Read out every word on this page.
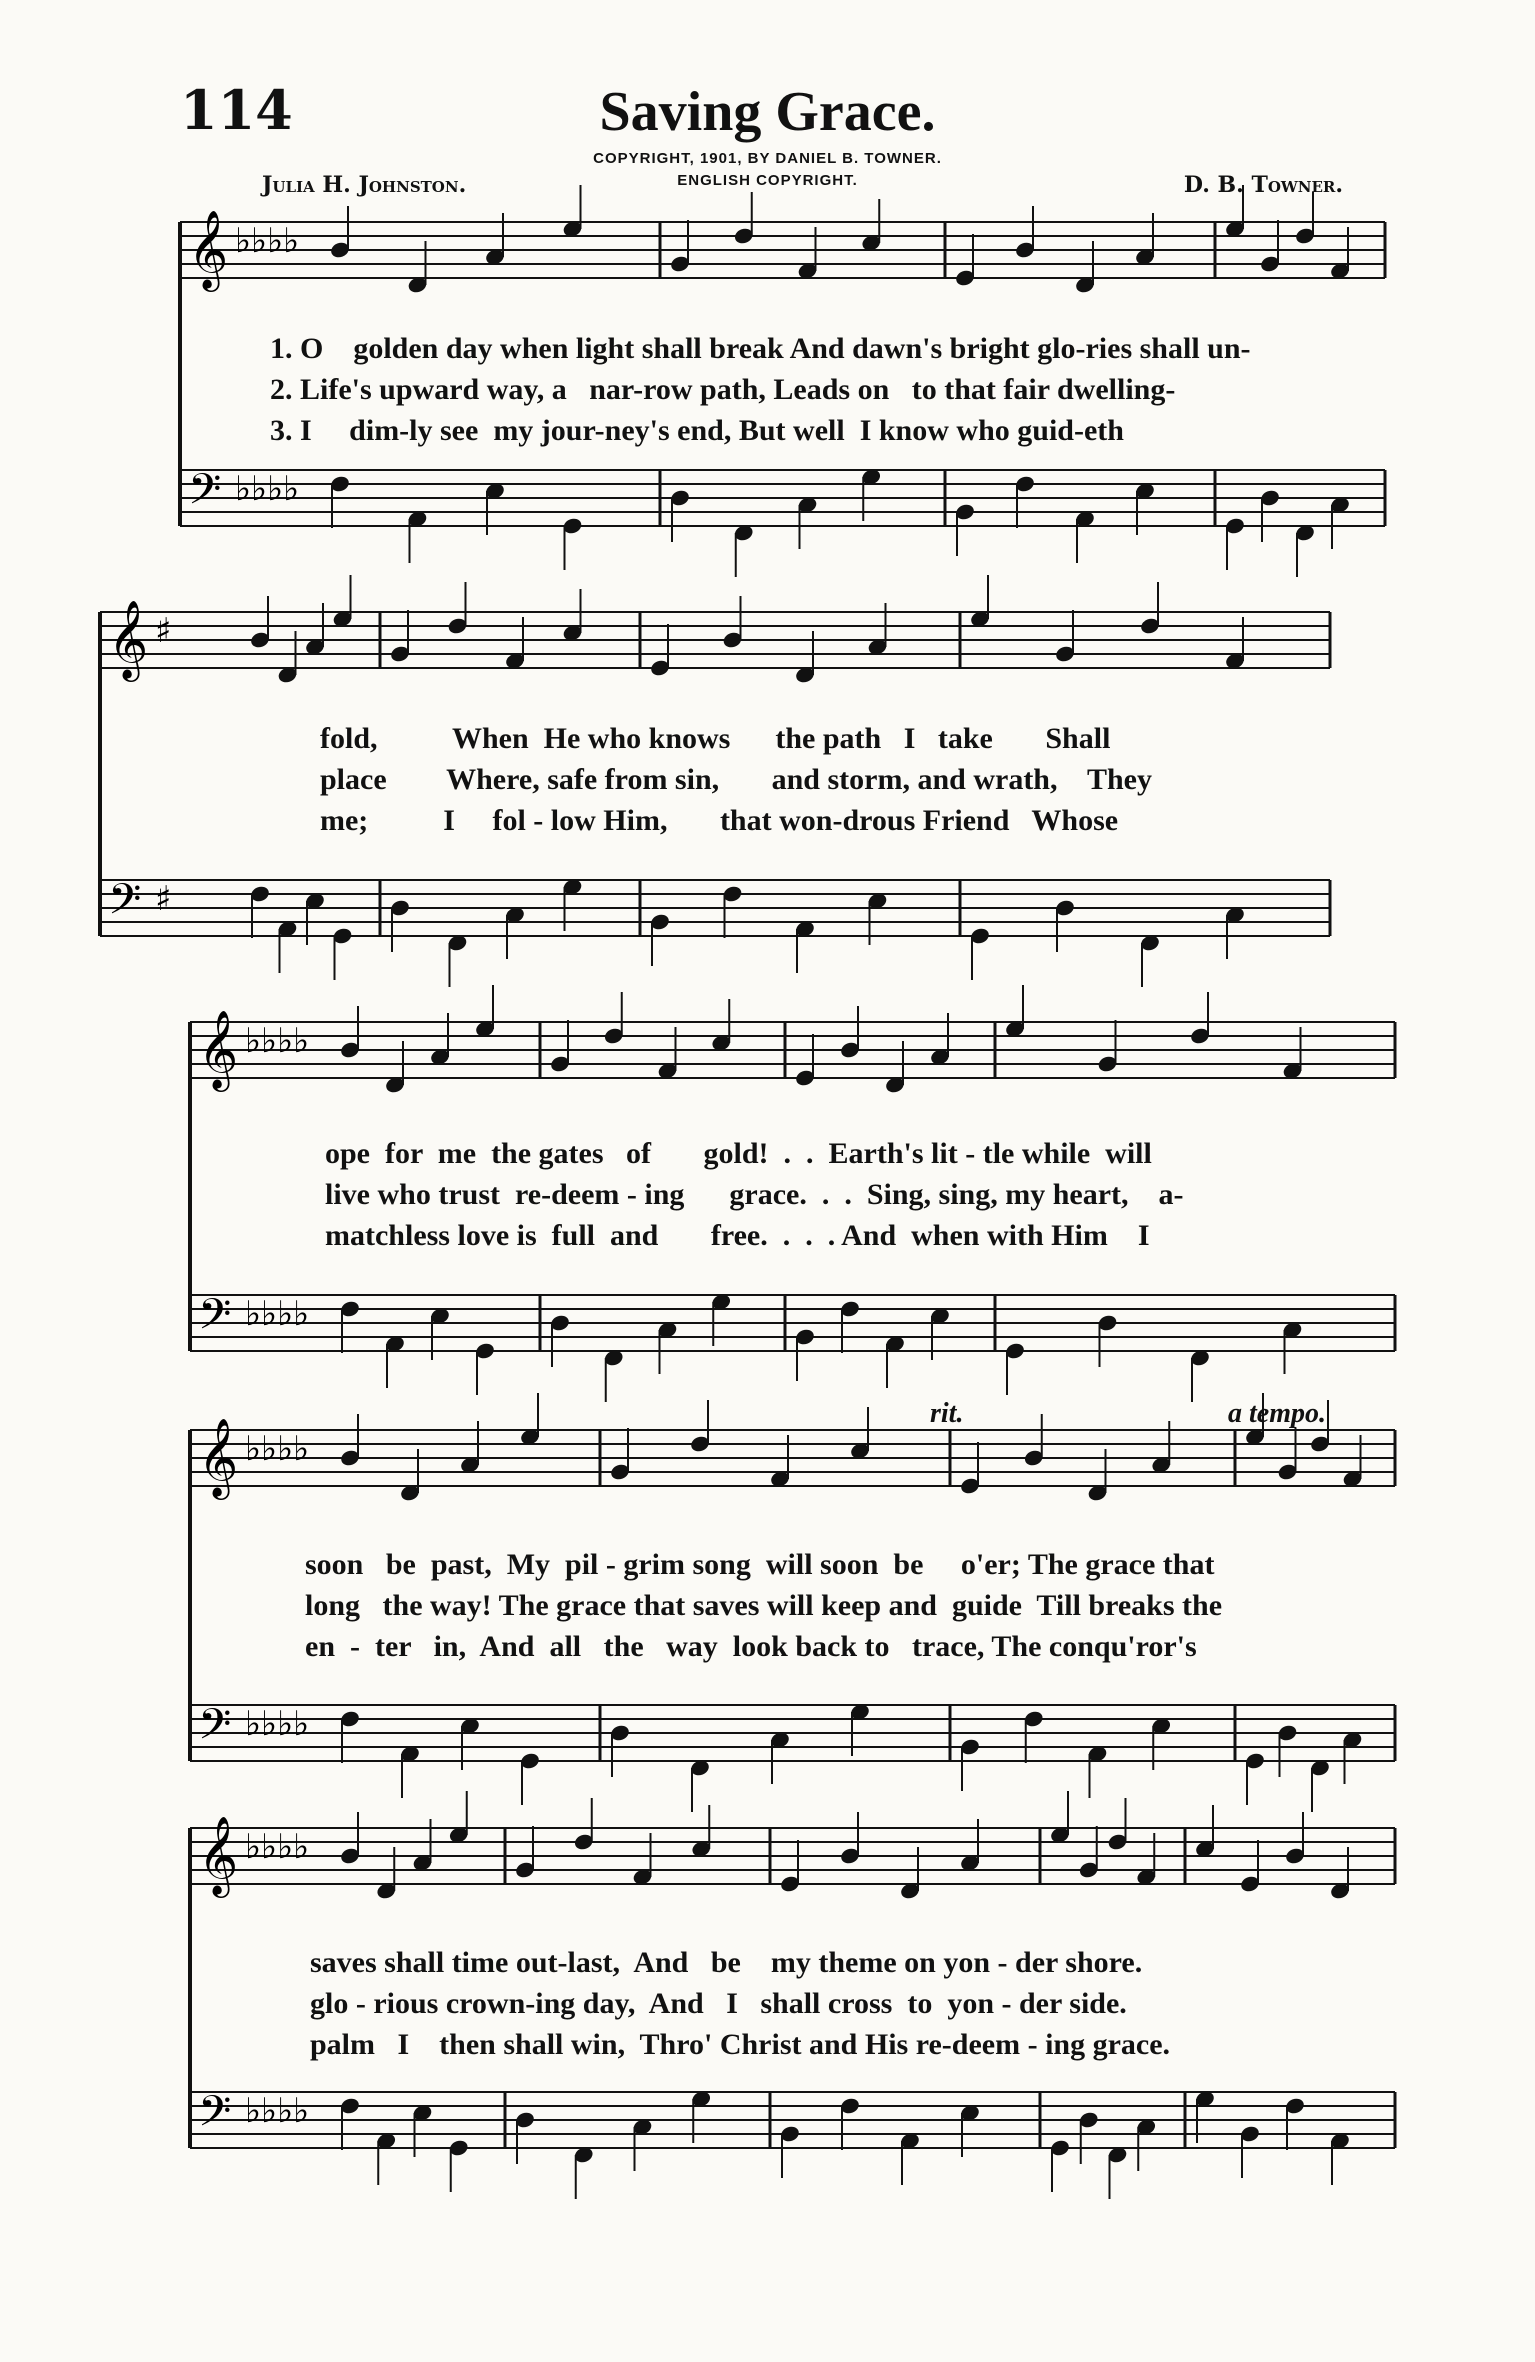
114	Saving Grace.
COPYRIGHT, 1901, BY DANIEL B. TOWNER.
ENGLISH COPYRIGHT.
Julia H. Johnston.	D. B. Towner.
𝄞 ♭♭♭♭
𝄢 ♭♭♭♭
𝄞 ♯
𝄢 ♯
𝄞 ♭♭♭♭
𝄢 ♭♭♭♭
𝄞 ♭♭♭♭
𝄢 ♭♭♭♭
𝄞 ♭♭♭♭
𝄢 ♭♭♭♭
1. O    golden day when light shall break And dawn's bright glo-ries shall un-
2. Life's upward way, a   nar-row path, Leads on   to that fair dwelling-
3. I     dim-ly see  my jour-ney's end, But well  I know who guid-eth
fold,          When  He who knows      the path   I   take       Shall
place        Where, safe from sin,       and storm, and wrath,    They
me;          I     fol - low Him,       that won-drous Friend   Whose
ope  for  me  the gates   of       gold!  .  .  Earth's lit - tle while  will
live who trust  re-deem - ing      grace.  .  .  Sing, sing, my heart,    a-
matchless love is  full  and       free.  .  .  . And  when with Him    I
rit.	a tempo.
soon   be  past,  My  pil - grim song  will soon  be     o'er; The grace that
long   the way! The grace that saves will keep and  guide  Till breaks the
en  -  ter   in,  And  all   the   way  look back to   trace, The conqu'ror's
saves shall time out-last,  And   be    my theme on yon - der shore.
glo - rious crown-ing day,  And   I   shall cross  to  yon - der side.
palm   I    then shall win,  Thro' Christ and His re-deem - ing grace.
